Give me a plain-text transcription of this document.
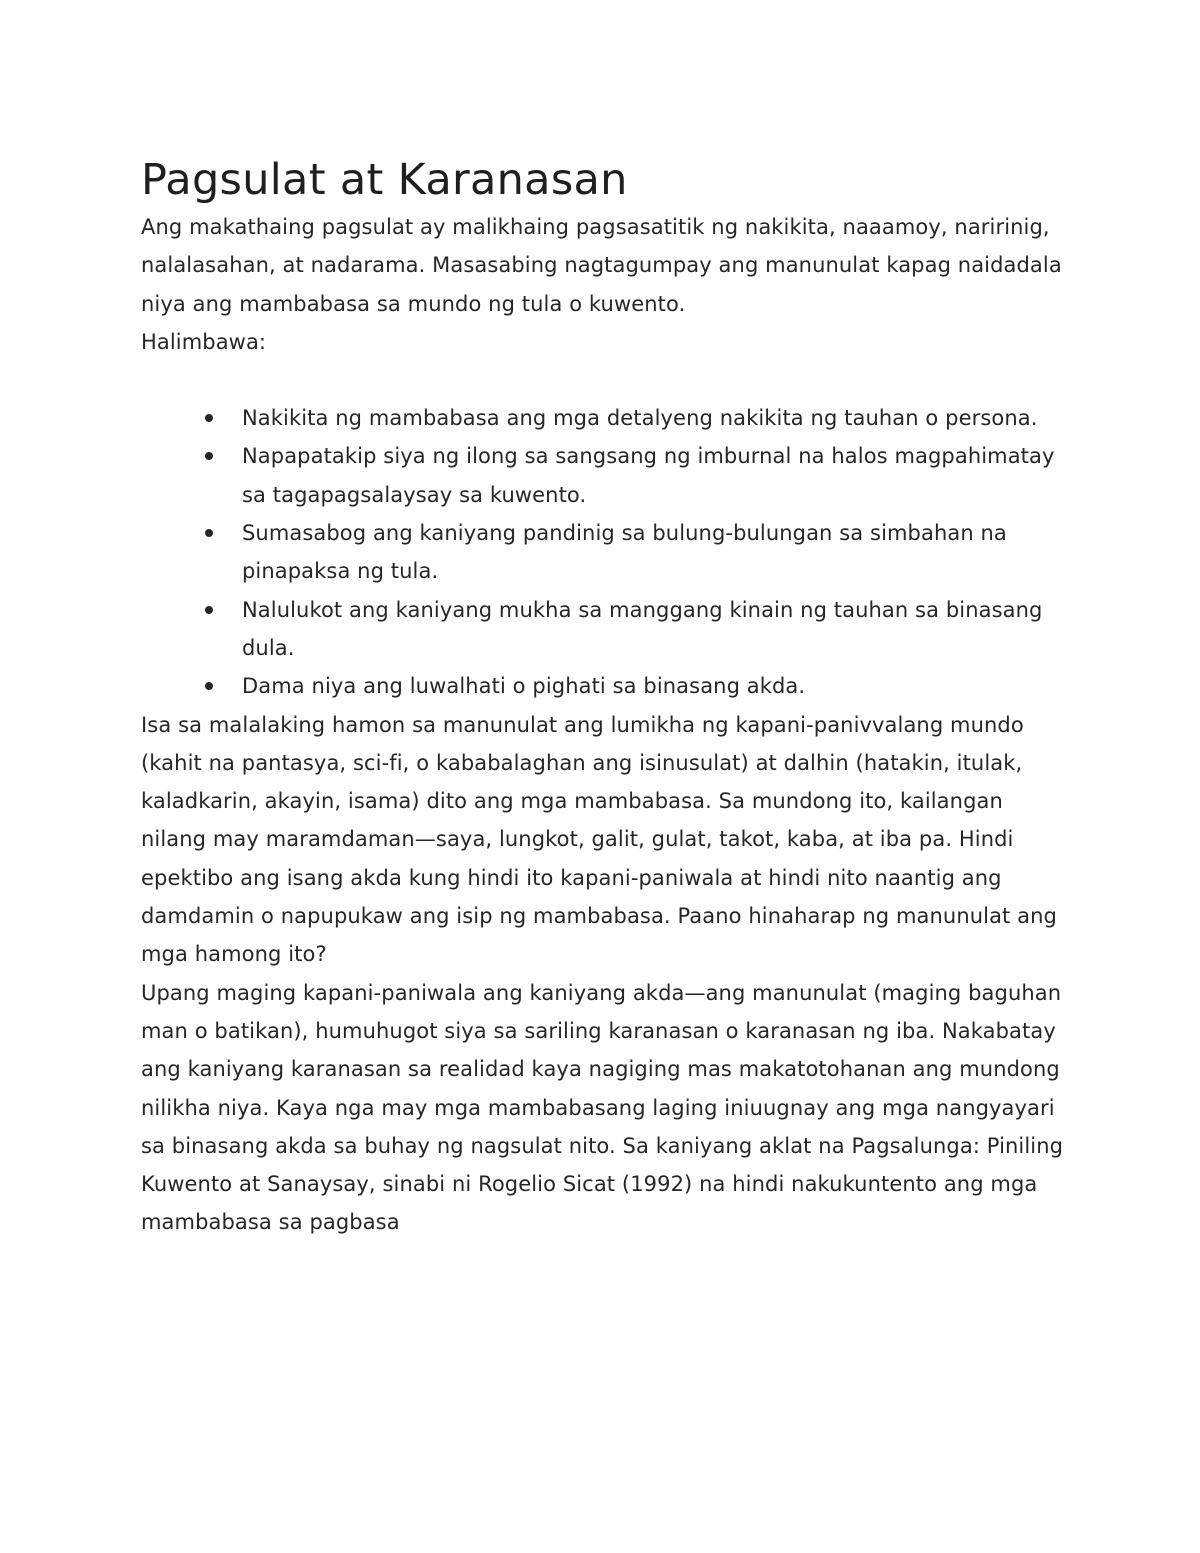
Pagsulat at Karanasan

Ang makathaing pagsulat ay malikhaing pagsasatitik ng nakikita, naaamoy, naririnig, nalalasahan, at nadarama. Masasabing nagtagumpay ang manunulat kapag naidadala niya ang mambabasa sa mundo ng tula o kuwento.

Halimbawa:

Nakikita ng mambabasa ang mga detalyeng nakikita ng tauhan o persona.
Napapatakip siya ng ilong sa sangsang ng imburnal na halos magpahimatay sa tagapagsalaysay sa kuwento.
Sumasabog ang kaniyang pandinig sa bulung-bulungan sa simbahan na pinapaksa ng tula.
Nalulukot ang kaniyang mukha sa manggang kinain ng tauhan sa binasang dula.
Dama niya ang luwalhati o pighati sa binasang akda.

Isa sa malalaking hamon sa manunulat ang lumikha ng kapani-panivvalang mundo (kahit na pantasya, sci-fi, o kababalaghan ang isinusulat) at dalhin (hatakin, itulak, kaladkarin, akayin, isama) dito ang mga mambabasa. Sa mundong ito, kailangan nilang may maramdaman—saya, lungkot, galit, gulat, takot, kaba, at iba pa. Hindi epektibo ang isang akda kung hindi ito kapani-paniwala at hindi nito naantig ang damdamin o napupukaw ang isip ng mambabasa. Paano hinaharap ng manunulat ang mga hamong ito?

Upang maging kapani-paniwala ang kaniyang akda—ang manunulat (maging baguhan man o batikan), humuhugot siya sa sariling karanasan o karanasan ng iba. Nakabatay ang kaniyang karanasan sa realidad kaya nagiging mas makatotohanan ang mundong nilikha niya. Kaya nga may mga mambabasang laging iniuugnay ang mga nangyayari sa binasang akda sa buhay ng nagsulat nito. Sa kaniyang aklat na Pagsalunga: Piniling Kuwento at Sanaysay, sinabi ni Rogelio Sicat (1992) na hindi nakukuntento ang mga mambabasa sa pagbasa
